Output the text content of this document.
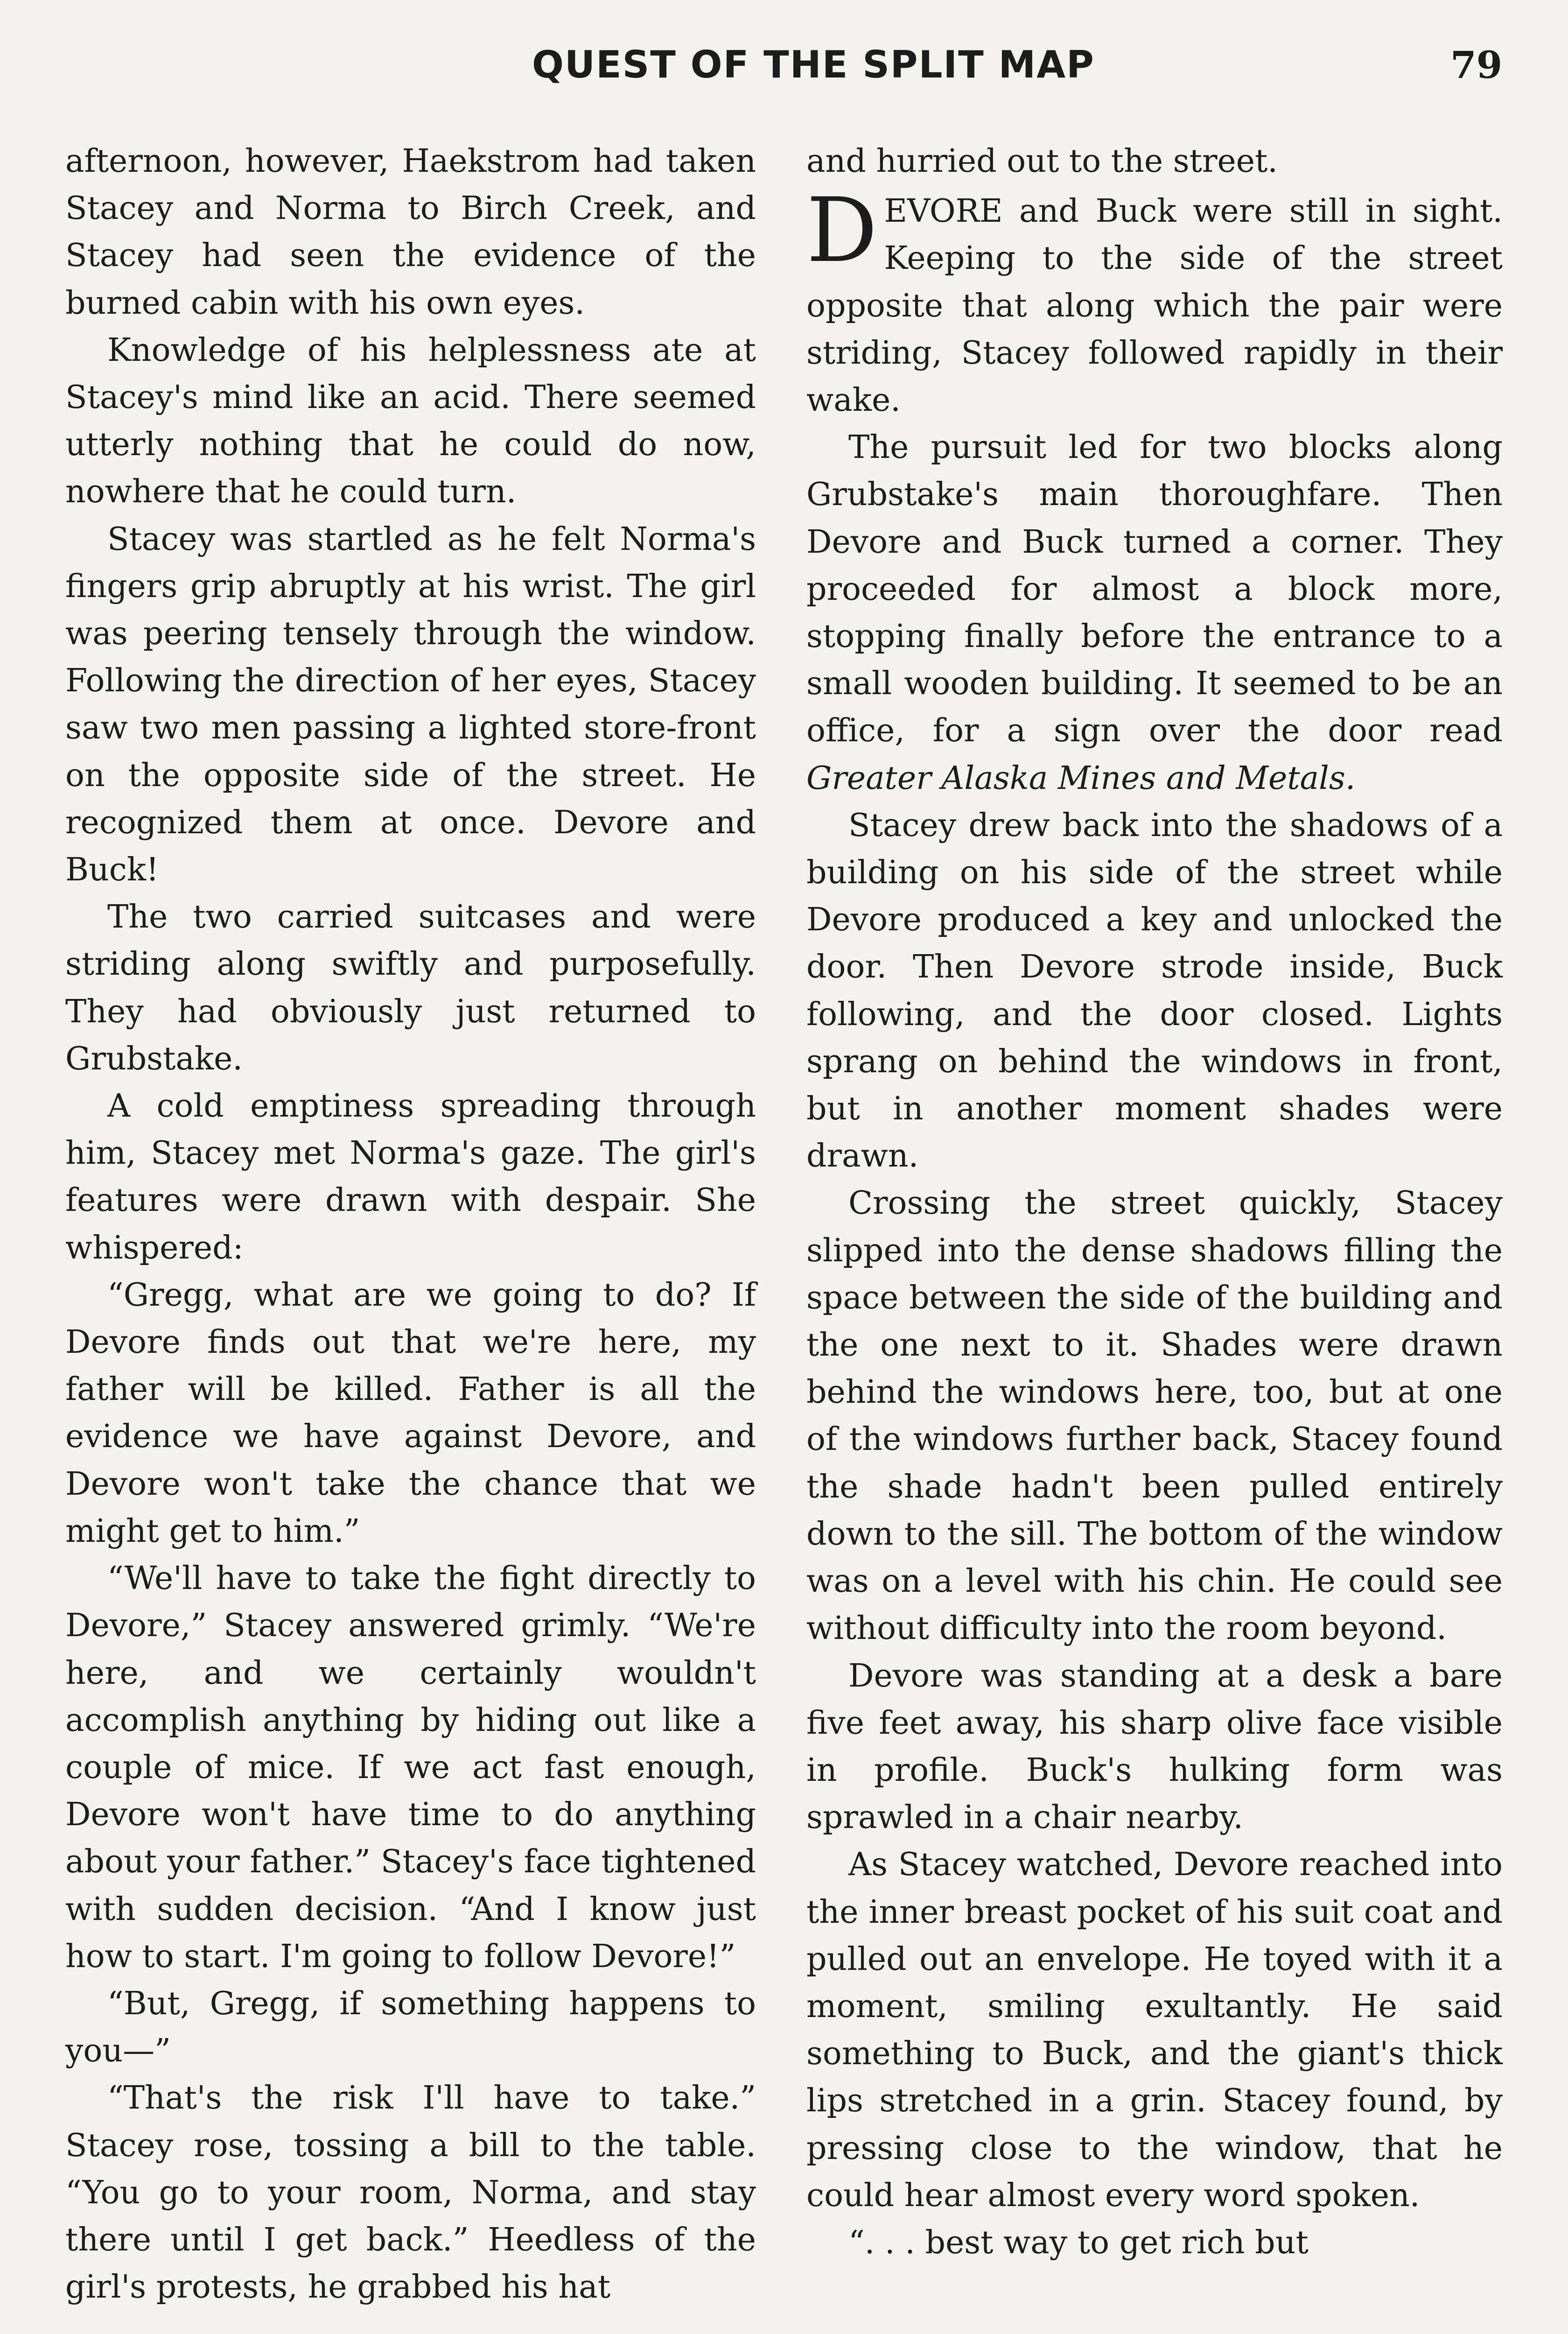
QUEST OF THE SPLIT MAP	79

afternoon, however, Haekstrom had taken Stacey and Norma to Birch Creek, and Stacey had seen the evidence of the burned cabin with his own eyes.

Knowledge of his helplessness ate at Stacey's mind like an acid. There seemed utterly nothing that he could do now, nowhere that he could turn.

Stacey was startled as he felt Norma's fingers grip abruptly at his wrist. The girl was peering tensely through the window. Following the direction of her eyes, Stacey saw two men passing a lighted store-front on the opposite side of the street. He recognized them at once. Devore and Buck!

The two carried suitcases and were striding along swiftly and purposefully. They had obviously just returned to Grubstake.

A cold emptiness spreading through him, Stacey met Norma's gaze. The girl's features were drawn with despair. She whispered:

“Gregg, what are we going to do? If Devore finds out that we're here, my father will be killed. Father is all the evidence we have against Devore, and Devore won't take the chance that we might get to him.”

“We'll have to take the fight directly to Devore,” Stacey answered grimly. “We're here, and we certainly wouldn't accomplish anything by hiding out like a couple of mice. If we act fast enough, Devore won't have time to do anything about your father.” Stacey's face tightened with sudden decision. “And I know just how to start. I'm going to follow Devore!”

“But, Gregg, if something happens to you—”

“That's the risk I'll have to take.” Stacey rose, tossing a bill to the table. “You go to your room, Norma, and stay there until I get back.” Heedless of the girl's protests, he grabbed his hat

and hurried out to the street.

DEVORE and Buck were still in sight. Keeping to the side of the street opposite that along which the pair were striding, Stacey followed rapidly in their wake.

The pursuit led for two blocks along Grubstake's main thoroughfare. Then Devore and Buck turned a corner. They proceeded for almost a block more, stopping finally before the entrance to a small wooden building. It seemed to be an office, for a sign over the door read Greater Alaska Mines and Metals.

Stacey drew back into the shadows of a building on his side of the street while Devore produced a key and unlocked the door. Then Devore strode inside, Buck following, and the door closed. Lights sprang on behind the windows in front, but in another moment shades were drawn.

Crossing the street quickly, Stacey slipped into the dense shadows filling the space between the side of the building and the one next to it. Shades were drawn behind the windows here, too, but at one of the windows further back, Stacey found the shade hadn't been pulled entirely down to the sill. The bottom of the window was on a level with his chin. He could see without difficulty into the room beyond.

Devore was standing at a desk a bare five feet away, his sharp olive face visible in profile. Buck's hulking form was sprawled in a chair nearby.

As Stacey watched, Devore reached into the inner breast pocket of his suit coat and pulled out an envelope. He toyed with it a moment, smiling exultantly. He said something to Buck, and the giant's thick lips stretched in a grin. Stacey found, by pressing close to the window, that he could hear almost every word spoken.

“. . . best way to get rich but
